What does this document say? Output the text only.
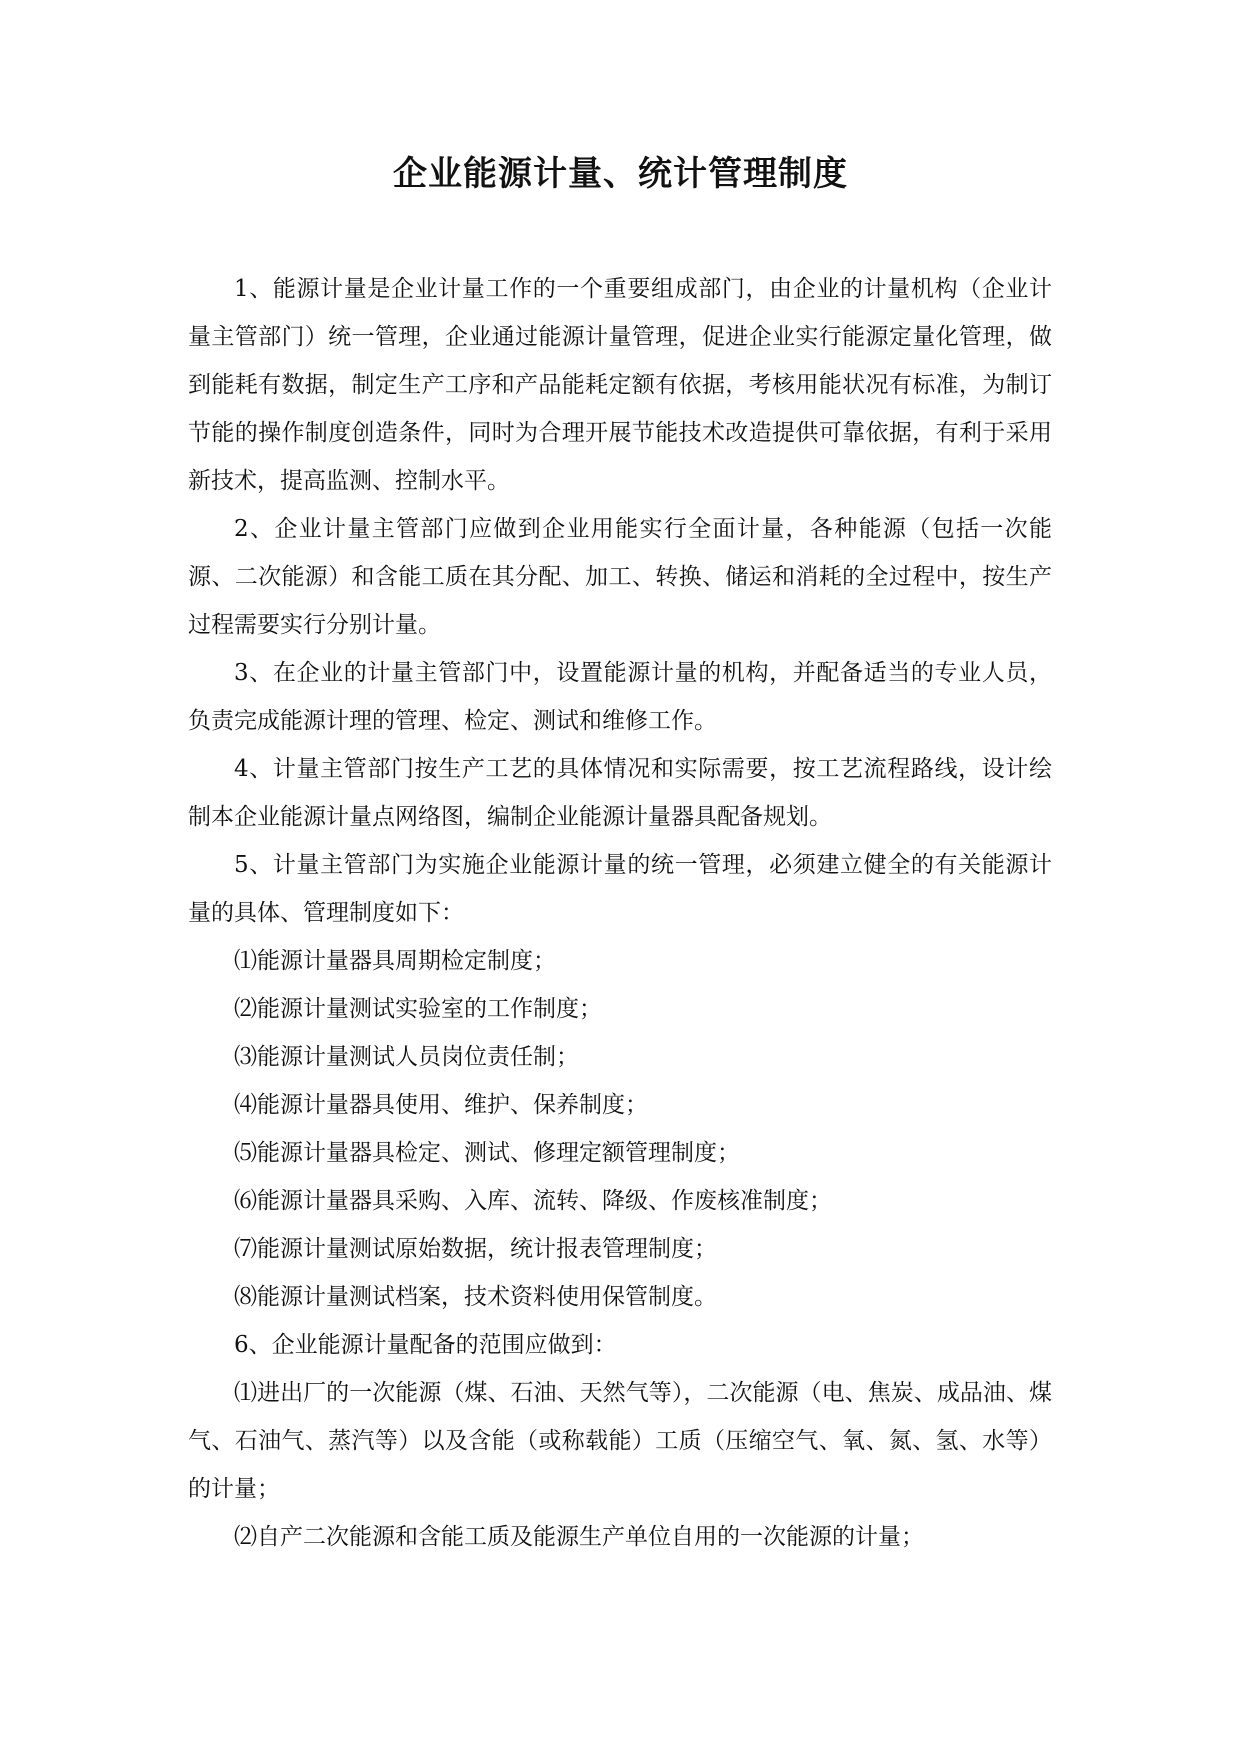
企业能源计量、统计管理制度

1、能源计量是企业计量工作的一个重要组成部门，由企业的计量机构（企业计量主管部门）统一管理，企业通过能源计量管理，促进企业实行能源定量化管理，做到能耗有数据，制定生产工序和产品能耗定额有依据，考核用能状况有标准，为制订节能的操作制度创造条件，同时为合理开展节能技术改造提供可靠依据，有利于采用新技术，提高监测、控制水平。

2、企业计量主管部门应做到企业用能实行全面计量，各种能源（包括一次能源、二次能源）和含能工质在其分配、加工、转换、储运和消耗的全过程中，按生产过程需要实行分别计量。

3、在企业的计量主管部门中，设置能源计量的机构，并配备适当的专业人员，负责完成能源计理的管理、检定、测试和维修工作。

4、计量主管部门按生产工艺的具体情况和实际需要，按工艺流程路线，设计绘制本企业能源计量点网络图，编制企业能源计量器具配备规划。

5、计量主管部门为实施企业能源计量的统一管理，必须建立健全的有关能源计量的具体、管理制度如下：

⑴能源计量器具周期检定制度；

⑵能源计量测试实验室的工作制度；

⑶能源计量测试人员岗位责任制；

⑷能源计量器具使用、维护、保养制度；

⑸能源计量器具检定、测试、修理定额管理制度；

⑹能源计量器具采购、入库、流转、降级、作废核准制度；

⑺能源计量测试原始数据，统计报表管理制度；

⑻能源计量测试档案，技术资料使用保管制度。

6、企业能源计量配备的范围应做到：

⑴进出厂的一次能源（煤、石油、天然气等），二次能源（电、焦炭、成品油、煤气、石油气、蒸汽等）以及含能（或称载能）工质（压缩空气、氧、氮、氢、水等）的计量；

⑵自产二次能源和含能工质及能源生产单位自用的一次能源的计量；
